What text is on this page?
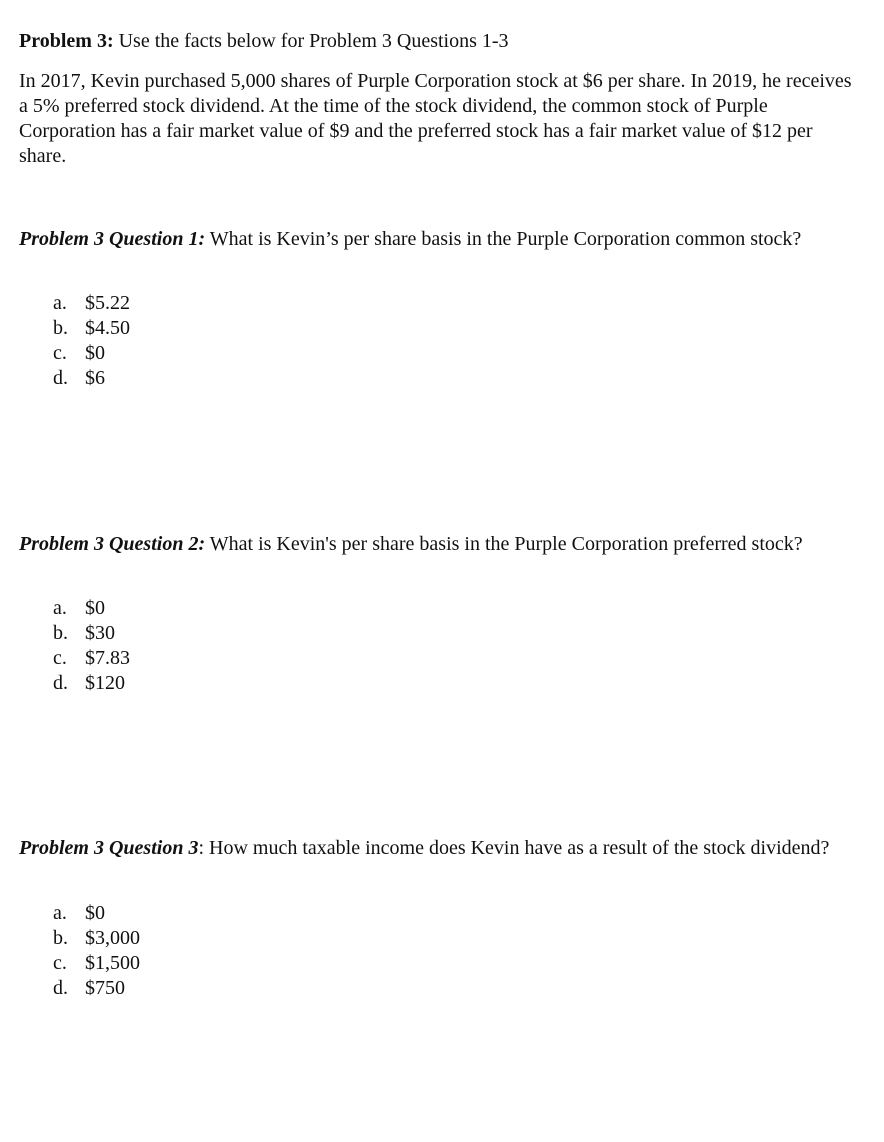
Problem 3: Use the facts below for Problem 3 Questions 1-3

In 2017, Kevin purchased 5,000 shares of Purple Corporation stock at $6 per share. In 2019, he receives a 5% preferred stock dividend. At the time of the stock dividend, the common stock of Purple Corporation has a fair market value of $9 and the preferred stock has a fair market value of $12 per share.

Problem 3 Question 1: What is Kevin’s per share basis in the Purple Corporation common stock?

a. $5.22
b. $4.50
c. $0
d. $6

Problem 3 Question 2: What is Kevin's per share basis in the Purple Corporation preferred stock?

a. $0
b. $30
c. $7.83
d. $120

Problem 3 Question 3: How much taxable income does Kevin have as a result of the stock dividend?

a. $0
b. $3,000
c. $1,500
d. $750
